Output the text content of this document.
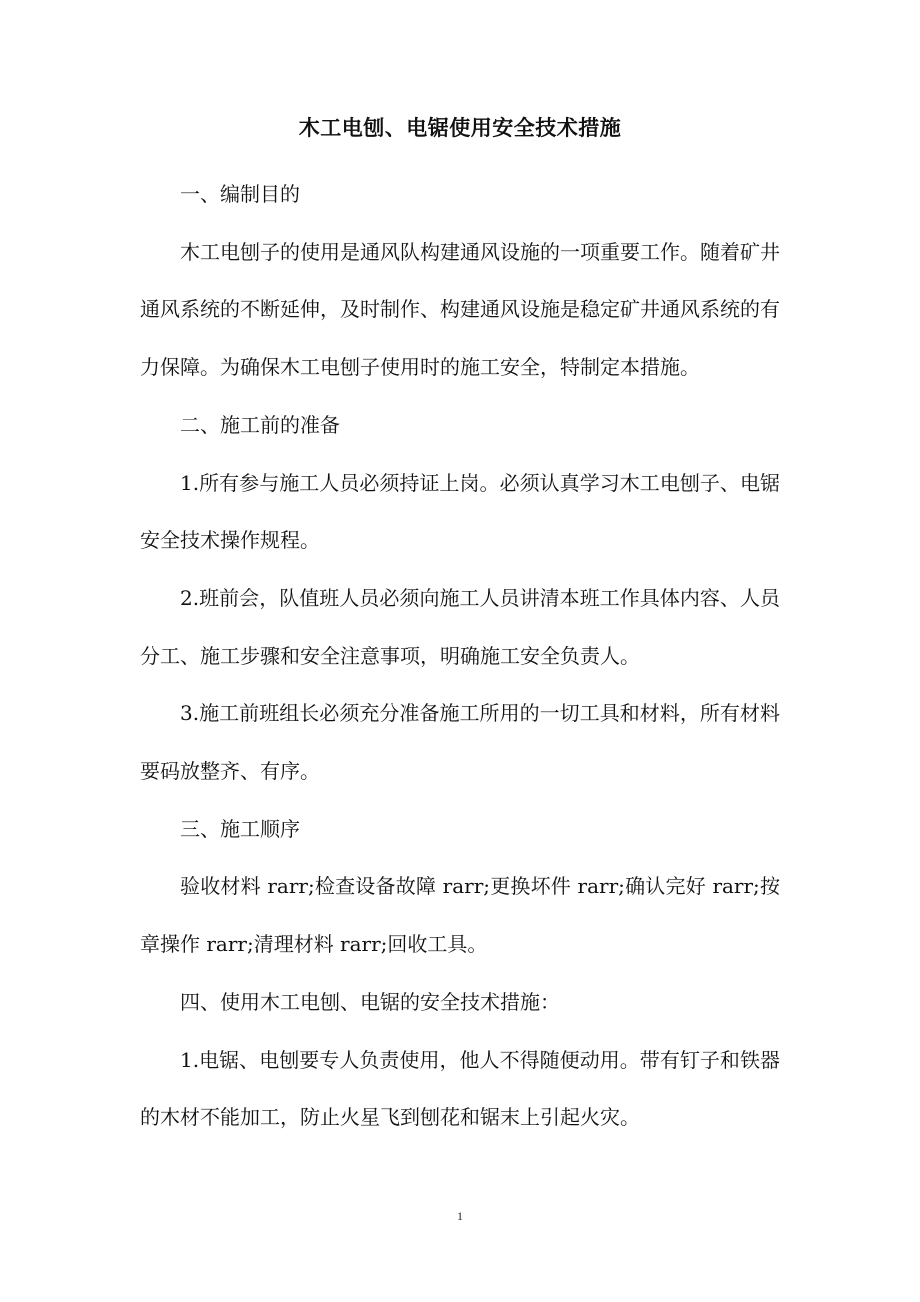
木工电刨、电锯使用安全技术措施

一、编制目的

木工电刨子的使用是通风队构建通风设施的一项重要工作。随着矿井通风系统的不断延伸，及时制作、构建通风设施是稳定矿井通风系统的有力保障。为确保木工电刨子使用时的施工安全，特制定本措施。

二、施工前的准备

1.所有参与施工人员必须持证上岗。必须认真学习木工电刨子、电锯安全技术操作规程。

2.班前会，队值班人员必须向施工人员讲清本班工作具体内容、人员分工、施工步骤和安全注意事项，明确施工安全负责人。

3.施工前班组长必须充分准备施工所用的一切工具和材料，所有材料要码放整齐、有序。

三、施工顺序

验收材料 rarr;检查设备故障 rarr;更换坏件 rarr;确认完好 rarr;按章操作 rarr;清理材料 rarr;回收工具。

四、使用木工电刨、电锯的安全技术措施：

1.电锯、电刨要专人负责使用，他人不得随便动用。带有钉子和铁器的木材不能加工，防止火星飞到刨花和锯末上引起火灾。

1
